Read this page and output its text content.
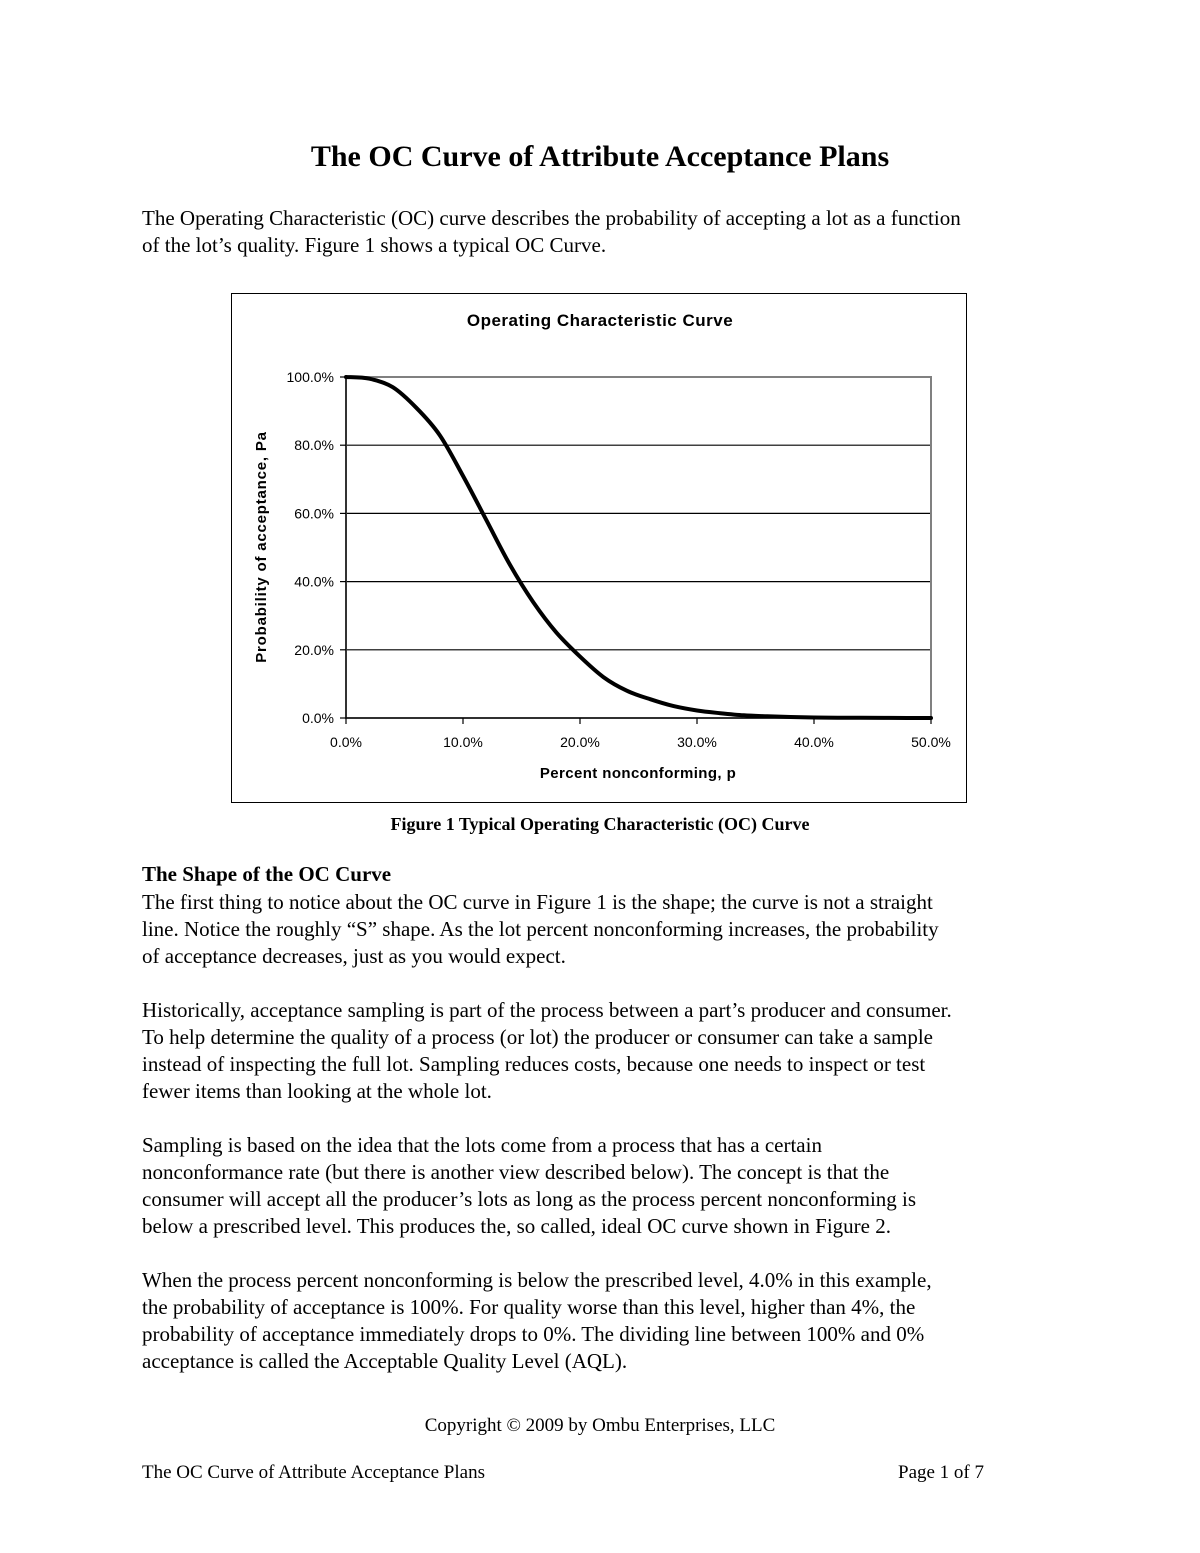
The OC Curve of Attribute Acceptance Plans

The Operating Characteristic (OC) curve describes the probability of accepting a lot as a function
of the lot’s quality. Figure 1 shows a typical OC Curve.

Operating Characteristic Curve
0.0%
20.0%
40.0%
60.0%
80.0%
100.0%
0.0%	10.0%	20.0%	30.0%	40.0%	50.0%
Percent nonconforming, p
Probability of acceptance, Pa

Figure 1 Typical Operating Characteristic (OC) Curve

The Shape of the OC Curve

The first thing to notice about the OC curve in Figure 1 is the shape; the curve is not a straight
line. Notice the roughly “S” shape. As the lot percent nonconforming increases, the probability
of acceptance decreases, just as you would expect.

Historically, acceptance sampling is part of the process between a part’s producer and consumer.
To help determine the quality of a process (or lot) the producer or consumer can take a sample
instead of inspecting the full lot. Sampling reduces costs, because one needs to inspect or test
fewer items than looking at the whole lot.

Sampling is based on the idea that the lots come from a process that has a certain
nonconformance rate (but there is another view described below). The concept is that the
consumer will accept all the producer’s lots as long as the process percent nonconforming is
below a prescribed level. This produces the, so called, ideal OC curve shown in Figure 2.

When the process percent nonconforming is below the prescribed level, 4.0% in this example,
the probability of acceptance is 100%. For quality worse than this level, higher than 4%, the
probability of acceptance immediately drops to 0%. The dividing line between 100% and 0%
acceptance is called the Acceptable Quality Level (AQL).

Copyright © 2009 by Ombu Enterprises, LLC
The OC Curve of Attribute Acceptance Plans	Page 1 of 7
